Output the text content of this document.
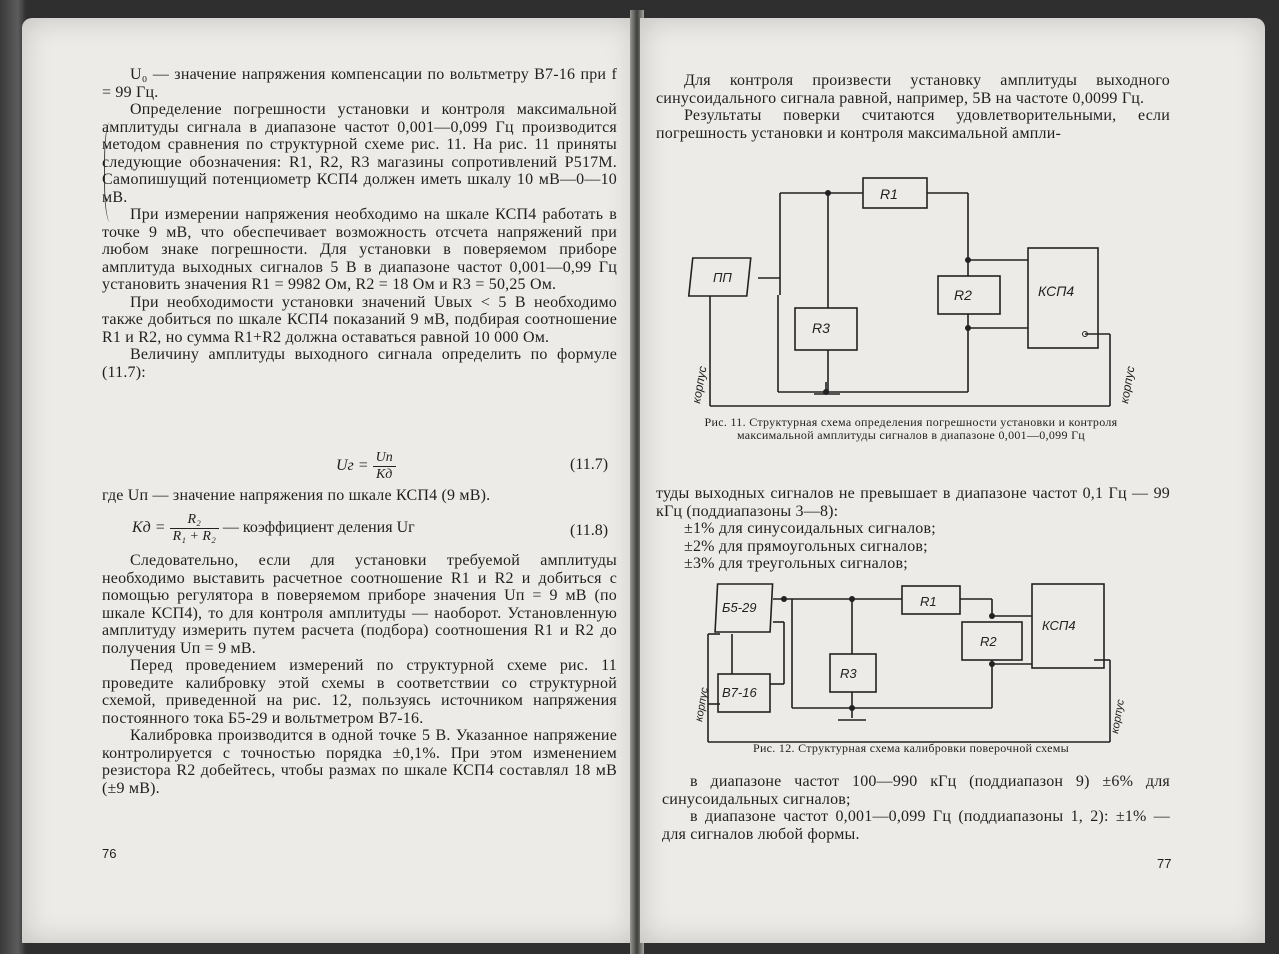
U₀ — значение напряжения компенсации по вольтметру В7-16 при f = 99 Гц.

Определение погрешности установки и контроля максимальной амплитуды сигнала в диапазоне частот 0,001—0,099 Гц производится методом сравнения по структурной схеме рис. 11. На рис. 11 приняты следующие обозначения: R1, R2, R3 магазины сопротивлений Р517М. Самопишущий потенциометр КСП4 должен иметь шкалу 10 мВ—0—10 мВ.

При измерении напряжения необходимо на шкале КСП4 работать в точке 9 мВ, что обеспечивает возможность отсчета напряжений при любом знаке погрешности. Для установки в поверяемом приборе амплитуда выходных сигналов 5 В в диапазоне частот 0,001—0,99 Гц установить значения R1 = 9982 Ом, R2 = 18 Ом и R3 = 50,25 Ом.

При необходимости установки значений Uвых < 5 В необходимо также добиться по шкале КСП4 показаний 9 мВ, подбирая соотношение R1 и R2, но сумма R1+R2 должна оставаться равной 10 000 Ом.

Величину амплитуды выходного сигнала определить по формуле (11.7):

Uг = $\frac{Uп}{Kд}$	(11.7)
где Uп — значение напряжения по шкале КСП4 (9 мВ).
Kд = $\frac{\text{R₂}}{\text{R₁ + R₂}}$ — коэффициент деления Uг	(11.8)

Следовательно, если для установки требуемой амплитуды необходимо выставить расчетное соотношение R1 и R2 и добиться с помощью регулятора в поверяемом приборе значения Uп = 9 мВ (по шкале КСП4), то для контроля амплитуды — наоборот. Установленную амплитуду измерить путем расчета (подбора) соотношения R1 и R2 до получения Uп = 9 мВ.

Перед проведением измерений по структурной схеме рис. 11 проведите калибровку этой схемы в соответствии со структурной схемой, приведенной на рис. 12, пользуясь источником напряжения постоянного тока Б5-29 и вольтметром В7-16.

Калибровка производится в одной точке 5 В. Указанное напряжение контролируется с точностью порядка ±0,1%. При этом изменением резистора R2 добейтесь, чтобы размах по шкале КСП4 составлял 18 мВ (±9 мВ).

76

Для контроля произвести установку амплитуды выходного синусоидального сигнала равной, например, 5В на частоте 0,0099 Гц.

Результаты поверки считаются удовлетворительными, если погрешность установки и контроля максимальной ампли-

R1
R2
R3
ПП
КСП4
корпус	корпус
Рис. 11. Структурная схема определения погрешности установки и контроля максимальной амплитуды сигналов в диапазоне 0,001—0,099 Гц

туды выходных сигналов не превышает в диапазоне частот 0,1 Гц — 99 кГц (поддиапазоны 3—8):

±1% для синусоидальных сигналов;

±2% для прямоугольных сигналов;

±3% для треугольных сигналов;

Б5-29
В7-16
R1
R2
R3
КСП4
корпус	корпус
Рис. 12. Структурная схема калибровки поверочной схемы

в диапазоне частот 100—990 кГц (поддиапазон 9) ±6% для синусоидальных сигналов;

в диапазоне частот 0,001—0,099 Гц (поддиапазоны 1, 2): ±1% — для сигналов любой формы.

77
